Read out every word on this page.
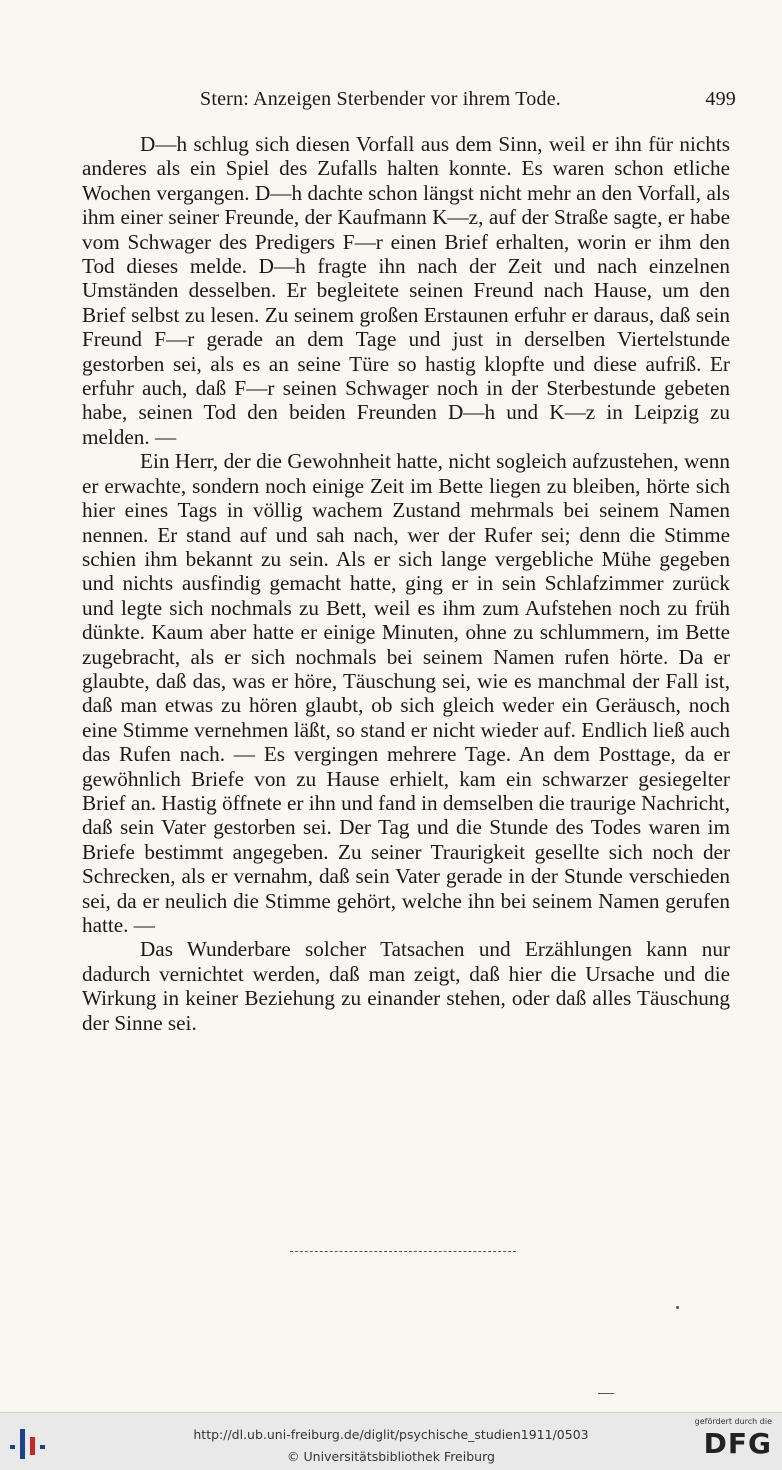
Stern: Anzeigen Sterbender vor ihrem Tode.	499

D—h schlug sich diesen Vorfall aus dem Sinn, weil er ihn für nichts anderes als ein Spiel des Zufalls halten konnte. Es waren schon etliche Wochen vergangen. D—h dachte schon längst nicht mehr an den Vorfall, als ihm einer seiner Freunde, der Kaufmann K—z, auf der Straße sagte, er habe vom Schwager des Predigers F—r einen Brief erhalten, worin er ihm den Tod dieses melde. D—h fragte ihn nach der Zeit und nach einzelnen Umständen desselben. Er begleitete seinen Freund nach Hause, um den Brief selbst zu lesen. Zu seinem großen Erstaunen erfuhr er daraus, daß sein Freund F—r gerade an dem Tage und just in derselben Viertelstunde gestorben sei, als es an seine Türe so hastig klopfte und diese aufriß. Er erfuhr auch, daß F—r seinen Schwager noch in der Sterbestunde gebeten habe, seinen Tod den beiden Freunden D—h und K—z in Leipzig zu melden. —

Ein Herr, der die Gewohnheit hatte, nicht sogleich aufzustehen, wenn er erwachte, sondern noch einige Zeit im Bette liegen zu bleiben, hörte sich hier eines Tags in völlig wachem Zustand mehrmals bei seinem Namen nennen. Er stand auf und sah nach, wer der Rufer sei; denn die Stimme schien ihm bekannt zu sein. Als er sich lange vergebliche Mühe gegeben und nichts ausfindig gemacht hatte, ging er in sein Schlafzimmer zurück und legte sich nochmals zu Bett, weil es ihm zum Aufstehen noch zu früh dünkte. Kaum aber hatte er einige Minuten, ohne zu schlummern, im Bette zugebracht, als er sich nochmals bei seinem Namen rufen hörte. Da er glaubte, daß das, was er höre, Täuschung sei, wie es manchmal der Fall ist, daß man etwas zu hören glaubt, ob sich gleich weder ein Geräusch, noch eine Stimme vernehmen läßt, so stand er nicht wieder auf. Endlich ließ auch das Rufen nach. — Es vergingen mehrere Tage. An dem Posttage, da er gewöhnlich Briefe von zu Hause erhielt, kam ein schwarzer gesiegelter Brief an. Hastig öffnete er ihn und fand in demselben die traurige Nachricht, daß sein Vater gestorben sei. Der Tag und die Stunde des Todes waren im Briefe bestimmt angegeben. Zu seiner Traurigkeit gesellte sich noch der Schrecken, als er vernahm, daß sein Vater gerade in der Stunde verschieden sei, da er neulich die Stimme gehört, welche ihn bei seinem Namen gerufen hatte. —

Das Wunderbare solcher Tatsachen und Erzählungen kann nur dadurch vernichtet werden, daß man zeigt, daß hier die Ursache und die Wirkung in keiner Beziehung zu einander stehen, oder daß alles Täuschung der Sinne sei.

http://dl.ub.uni-freiburg.de/diglit/psychische_studien1911/0503
© Universitätsbibliothek Freiburg
gefördert durch die
DFG
